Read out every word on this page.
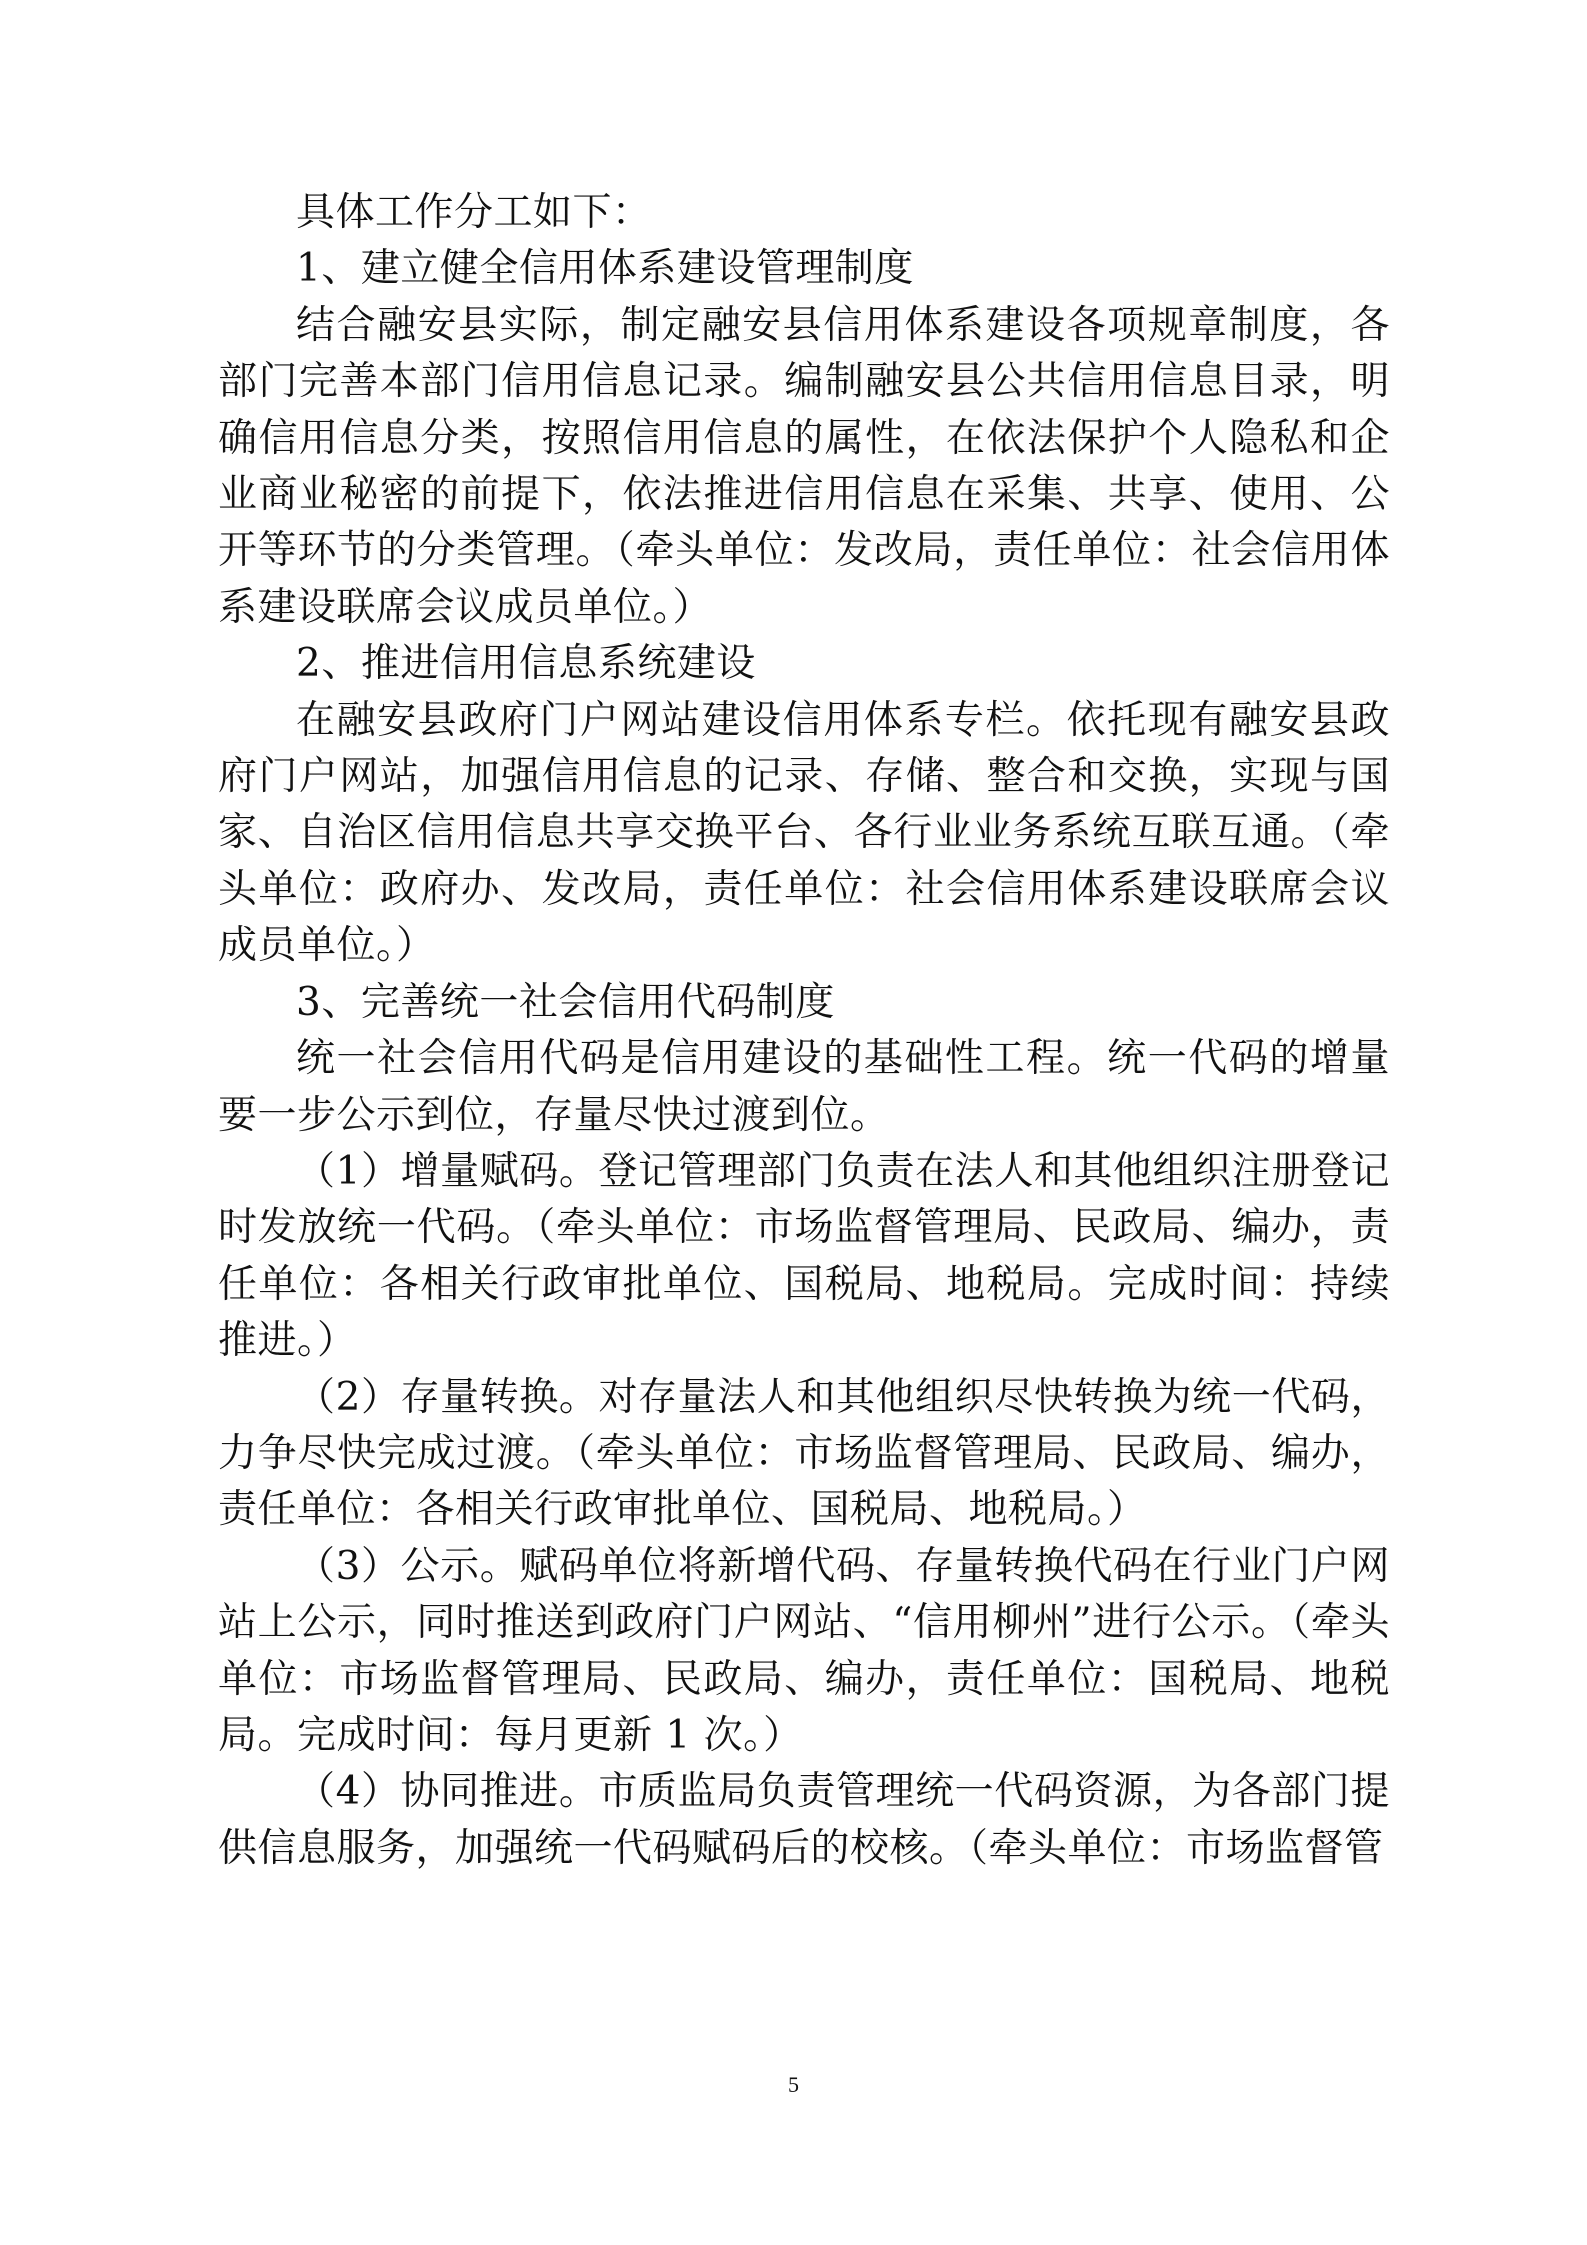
具体工作分工如下：

1、建立健全信用体系建设管理制度

结合融安县实际，制定融安县信用体系建设各项规章制度，各部门完善本部门信用信息记录。编制融安县公共信用信息目录，明确信用信息分类，按照信用信息的属性，在依法保护个人隐私和企业商业秘密的前提下，依法推进信用信息在采集、共享、使用、公开等环节的分类管理。（牵头单位：发改局，责任单位：社会信用体系建设联席会议成员单位。）

2、推进信用信息系统建设

在融安县政府门户网站建设信用体系专栏。依托现有融安县政府门户网站，加强信用信息的记录、存储、整合和交换，实现与国家、自治区信用信息共享交换平台、各行业业务系统互联互通。（牵头单位：政府办、发改局，责任单位：社会信用体系建设联席会议成员单位。）

3、完善统一社会信用代码制度

统一社会信用代码是信用建设的基础性工程。统一代码的增量要一步公示到位，存量尽快过渡到位。

（1）增量赋码。登记管理部门负责在法人和其他组织注册登记时发放统一代码。（牵头单位：市场监督管理局、民政局、编办，责任单位：各相关行政审批单位、国税局、地税局。完成时间：持续推进。）

（2）存量转换。对存量法人和其他组织尽快转换为统一代码，力争尽快完成过渡。（牵头单位：市场监督管理局、民政局、编办，责任单位：各相关行政审批单位、国税局、地税局。）

（3）公示。赋码单位将新增代码、存量转换代码在行业门户网站上公示，同时推送到政府门户网站、“信用柳州”进行公示。（牵头单位：市场监督管理局、民政局、编办，责任单位：国税局、地税局。完成时间：每月更新 1 次。）

（4）协同推进。市质监局负责管理统一代码资源，为各部门提供信息服务，加强统一代码赋码后的校核。（牵头单位：市场监督管

5
